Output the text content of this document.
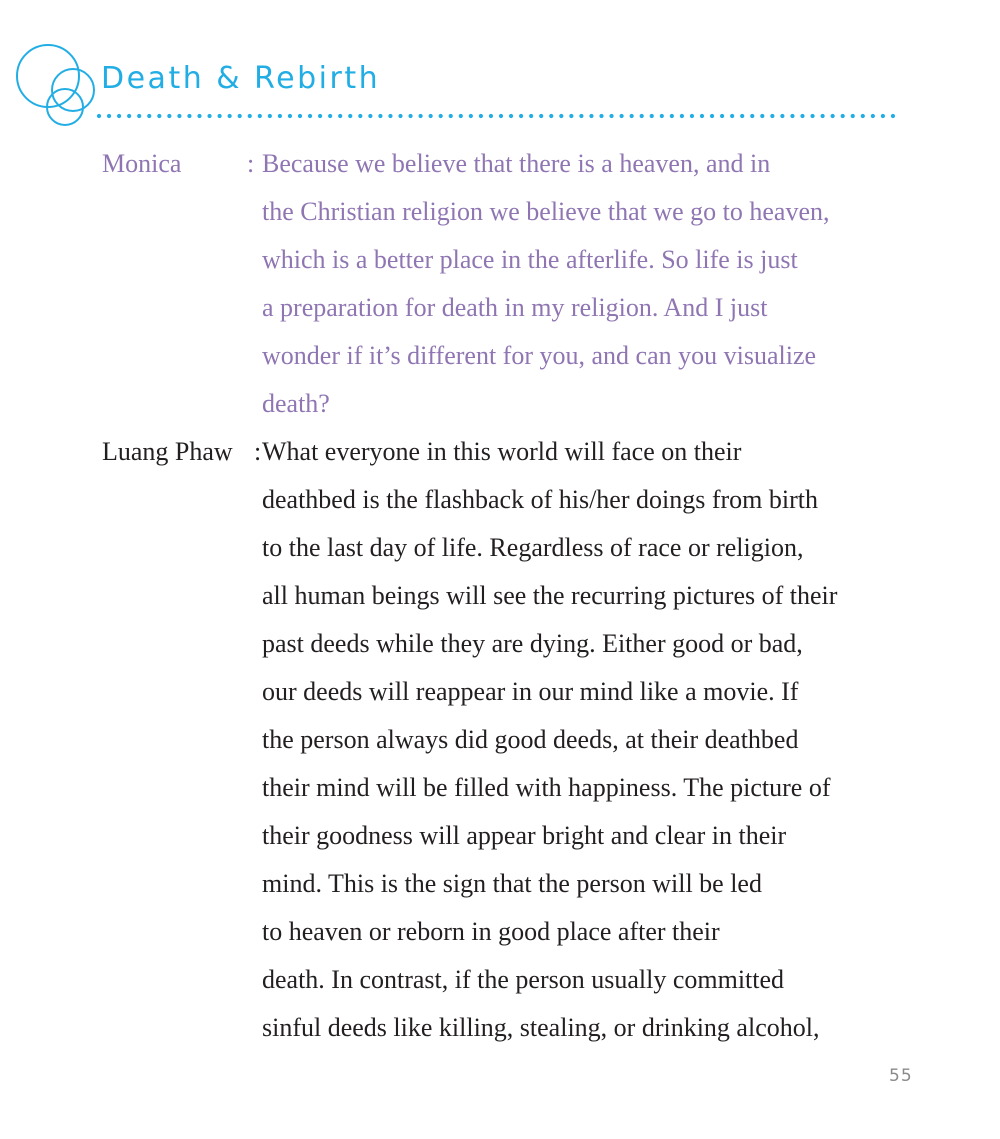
Death & Rebirth
Monica	: Because we believe that there is a heaven, and in
the Christian religion we believe that we go to heaven,
which is a better place in the afterlife. So life is just
a preparation for death in my religion. And I just
wonder if it’s different for you, and can you visualize
death?
Luang Phaw : What everyone in this world will face on their
deathbed is the flashback of his/her doings from birth
to the last day of life. Regardless of race or religion,
all human beings will see the recurring pictures of their
past deeds while they are dying. Either good or bad,
our deeds will reappear in our mind like a movie. If
the person always did good deeds, at their deathbed
their mind will be filled with happiness. The picture of
their goodness will appear bright and clear in their
mind. This is the sign that the person will be led
to heaven or reborn in good place after their
death. In contrast, if the person usually committed
sinful deeds like killing, stealing, or drinking alcohol,
55
